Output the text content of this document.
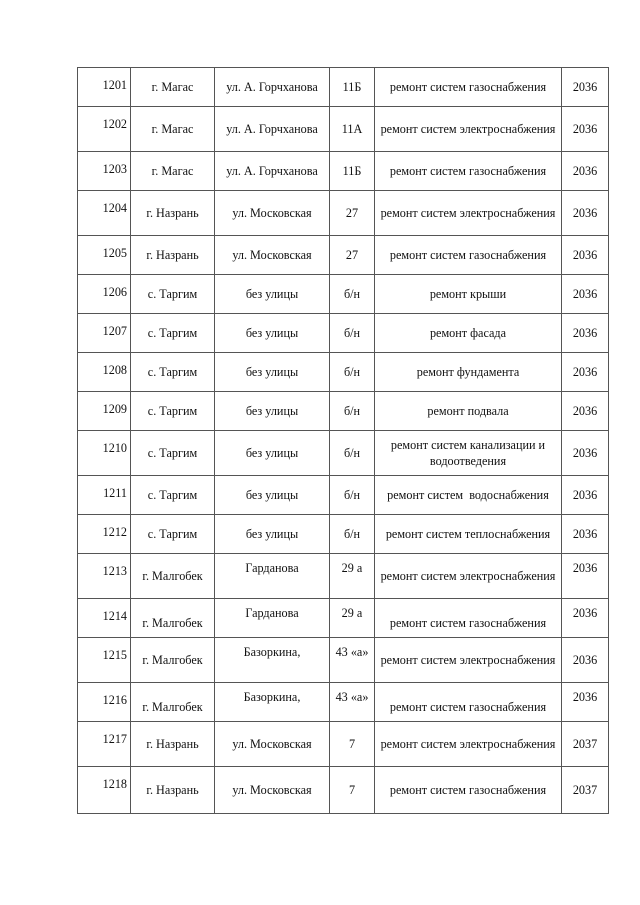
1201	г. Магас	ул. А. Горчханова	11Б	ремонт систем газоснабжения	2036
1202	г. Магас	ул. А. Горчханова	11А	ремонт систем электроснабжения	2036
1203	г. Магас	ул. А. Горчханова	11Б	ремонт систем газоснабжения	2036
1204	г. Назрань	ул. Московская	27	ремонт систем электроснабжения	2036
1205	г. Назрань	ул. Московская	27	ремонт систем газоснабжения	2036
1206	с. Таргим	без улицы	б/н	ремонт крыши	2036
1207	с. Таргим	без улицы	б/н	ремонт фасада	2036
1208	с. Таргим	без улицы	б/н	ремонт фундамента	2036
1209	с. Таргим	без улицы	б/н	ремонт подвала	2036
1210	с. Таргим	без улицы	б/н	ремонт систем канализации и водоотведения	2036
1211	с. Таргим	без улицы	б/н	ремонт систем  водоснабжения	2036
1212	с. Таргим	без улицы	б/н	ремонт систем теплоснабжения	2036
1213	г. Малгобек	Гарданова	29 а	ремонт систем электроснабжения	2036
1214	г. Малгобек	Гарданова	29 а	ремонт систем газоснабжения	2036
1215	г. Малгобек	Базоркина,	43 «а»	ремонт систем электроснабжения	2036
1216	г. Малгобек	Базоркина,	43 «а»	ремонт систем газоснабжения	2036
1217	г. Назрань	ул. Московская	7	ремонт систем электроснабжения	2037
1218	г. Назрань	ул. Московская	7	ремонт систем газоснабжения	2037
